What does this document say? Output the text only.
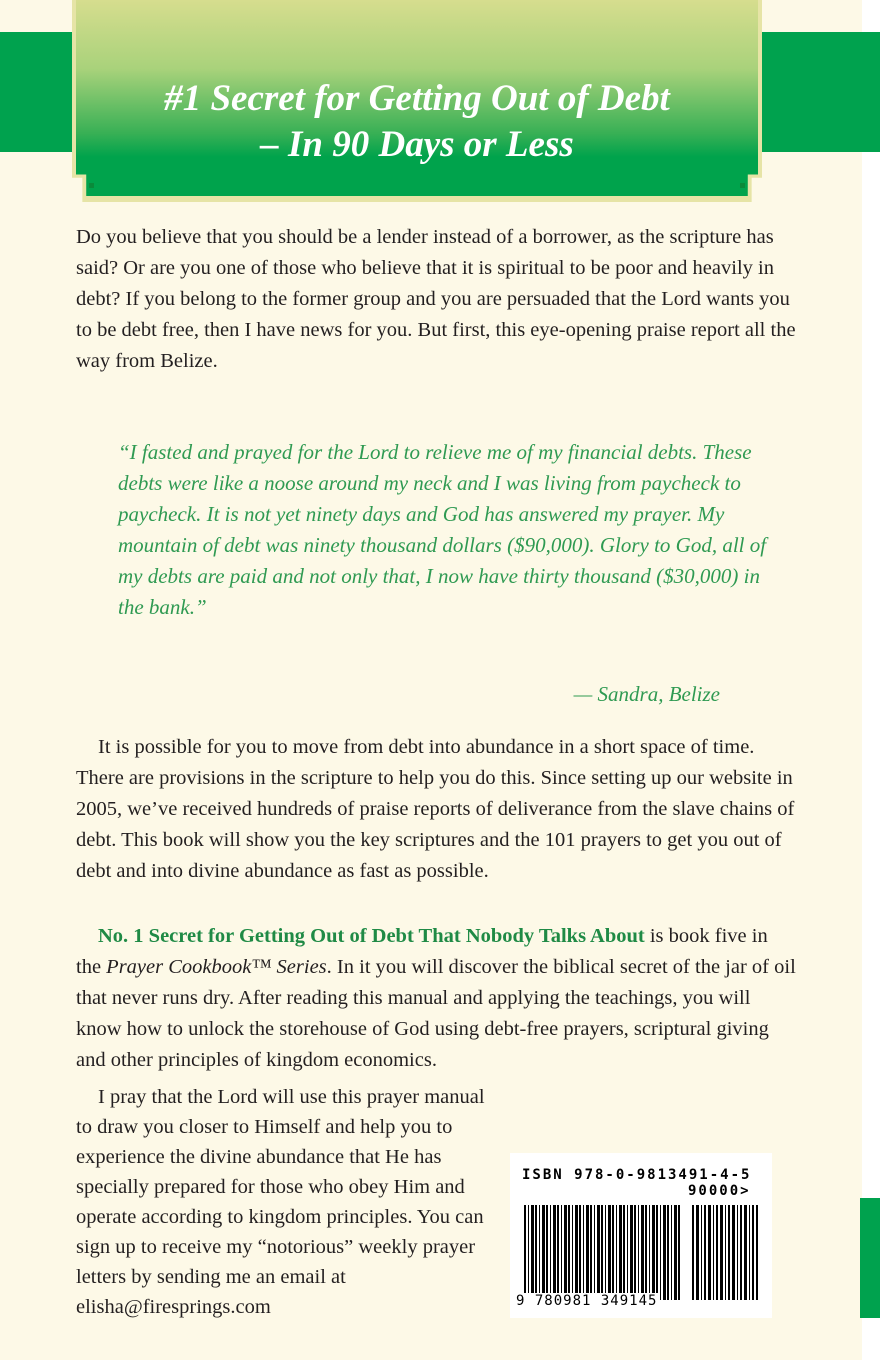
#1 Secret for Getting Out of Debt
– In 90 Days or Less

Do you believe that you should be a lender instead of a borrower, as the scripture has said? Or are you one of those who believe that it is spiritual to be poor and heavily in debt? If you belong to the former group and you are persuaded that the Lord wants you to be debt free, then I have news for you. But first, this eye-opening praise report all the way from Belize.

“I fasted and prayed for the Lord to relieve me of my financial debts. These debts were like a noose around my neck and I was living from paycheck to paycheck. It is not yet ninety days and God has answered my prayer. My mountain of debt was ninety thousand dollars ($90,000). Glory to God, all of my debts are paid and not only that, I now have thirty thousand ($30,000) in the bank.”

— Sandra, Belize

It is possible for you to move from debt into abundance in a short space of time. There are provisions in the scripture to help you do this. Since setting up our website in 2005, we’ve received hundreds of praise reports of deliverance from the slave chains of debt. This book will show you the key scriptures and the 101 prayers to get you out of debt and into divine abundance as fast as possible.

No. 1 Secret for Getting Out of Debt That Nobody Talks About is book five in the Prayer Cookbook™ Series. In it you will discover the biblical secret of the jar of oil that never runs dry. After reading this manual and applying the teachings, you will know how to unlock the storehouse of God using debt-free prayers, scriptural giving and other principles of kingdom economics.

I pray that the Lord will use this prayer manual to draw you closer to Himself and help you to experience the divine abundance that He has specially prepared for those who obey Him and operate according to kingdom principles. You can sign up to receive my “notorious” weekly prayer letters by sending me an email at elisha@firesprings.com

ISBN 978-0-9813491-4-5
90000>
9 780981 349145
